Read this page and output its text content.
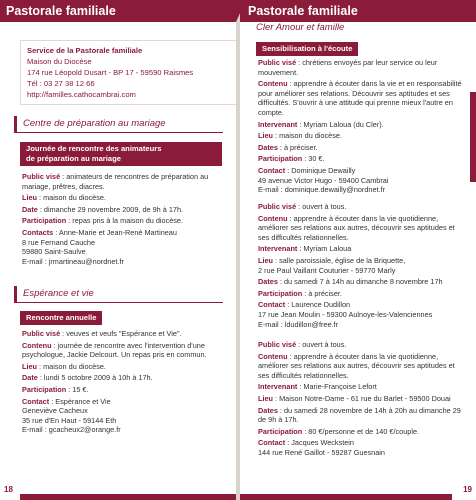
Pastorale familiale
Service de la Pastorale familiale
Maison du Diocèse
174 rue Léopold Dusart - BP 17 - 59590 Raismes
Tél : 03 27 38 12 66
http://familles.cathocambrai.com
Centre de préparation au mariage
Journée de rencontre des animateurs
de préparation au mariage

Public visé : animateurs de rencontres de préparation au mariage, prêtres, diacres.

Lieu : maison du diocèse.

Date : dimanche 29 novembre 2009, de 9h à 17h.

Participation : repas pris à la maison du diocèse.

Contacts : Anne-Marie et Jean-René Martineau

8 rue Fernand Cauche
59880 Saint-Saulve
E-mail : jrmartineau@nordnet.fr
Espérance et vie
Rencontre annuelle

Public visé : veuves et veufs "Espérance et Vie".

Contenu : journée de rencontre avec l'intervention d'une psychologue, Jackie Delcourt. Un repas pris en commun.

Lieu : maison du diocèse.

Date : lundi 5 octobre 2009 à 10h à 17h.

Participation : 15 €.

Contact : Espérance et Vie

Geneviève Cacheux
35 rue d'En Haut - 59144 Eth
E-mail : gcacheux2@orange.fr
18
Pastorale familiale
Cler Amour et famille
Sensibilisation à l'écoute

Public visé : chrétiens envoyés par leur service ou leur mouvement.

Contenu : apprendre à écouter dans la vie et en responsabilité pour améliorer ses relations. Découvrir ses aptitudes et ses difficultés. S'ouvrir à une attitude qui prenne mieux l'autre en compte.

Intervenant : Myriam Laloua (du Cler).

Lieu : maison du diocèse.

Dates : à préciser.

Participation : 30 €.

Contact : Dominique Dewailly

49 avenue Victor Hugo - 59400 Cambrai
E-mail : dominique.dewailly@nordnet.fr

Public visé : ouvert à tous.

Contenu : apprendre à écouter dans la vie quotidienne, améliorer ses relations aux autres, découvrir ses aptitudes et ses difficultés relationnelles.

Intervenant : Myriam Laloua

Lieu : salle paroissiale, église de la Briquette,

2 rue Paul Vaillant Couturier - 59770 Marly

Dates : du samedi 7 à 14h au dimanche 8 novembre 17h

Participation : à préciser.

Contact : Laurence Dudillon

17 rue Jean Moulin - 59300 Aulnoye-les-Valenciennes
E-mail : ldudillon@free.fr

Public visé : ouvert à tous.

Contenu : apprendre à écouter dans la vie quotidienne, améliorer ses relations aux autres, découvrir ses aptitudes et ses difficultés relationnelles.

Intervenant : Marie-Françoise Lefort

Lieu : Maison Notre-Dame - 61 rue du Barlet - 59500 Douai

Dates : du samedi 28 novembre de 14h à 20h au dimanche 29 de 9h à 17h.

Participation : 80 €/personne et de 140 €/couple.

Contact : Jacques Weckstein

144 rue René Gaillot - 59287 Guesnain
19
